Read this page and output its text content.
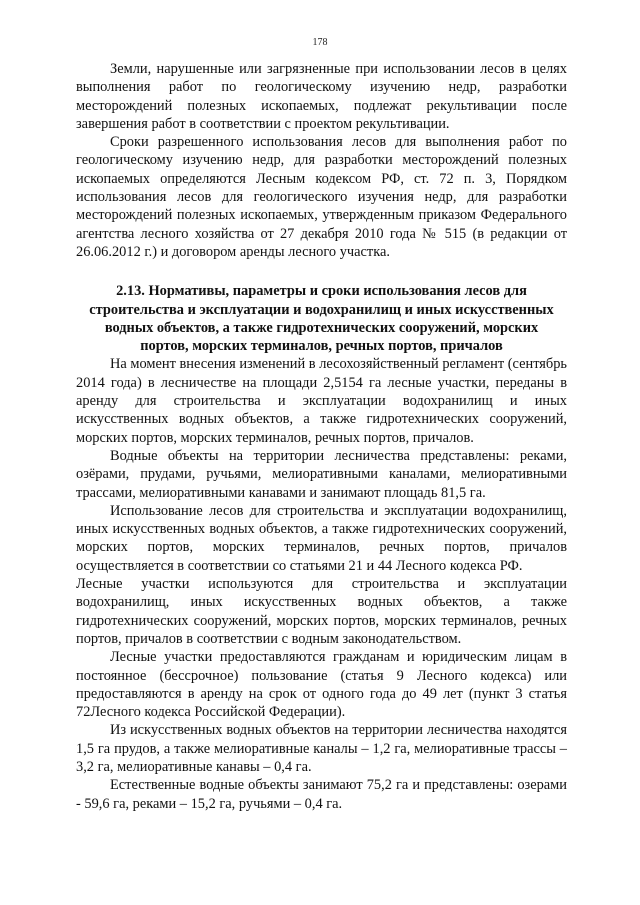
178

Земли, нарушенные или загрязненные при использовании лесов в целях выполнения работ по геологическому изучению недр, разработки месторождений полезных ископаемых, подлежат рекультивации после завершения работ в соответствии с проектом рекультивации.

Сроки разрешенного использования лесов для выполнения работ по геологическому изучению недр, для разработки месторождений полезных ископаемых определяются Лесным кодексом РФ, ст. 72 п. 3, Порядком использования лесов для геологического изучения недр, для разработки месторождений полезных ископаемых, утвержденным приказом Федерального агентства лесного хозяйства от 27 декабря 2010 года № 515 (в редакции от 26.06.2012 г.) и договором аренды лесного участка.

2.13. Нормативы, параметры и сроки использования лесов для строительства и эксплуатации и водохранилищ и иных искусственных водных объектов, а также гидротехнических сооружений, морских портов, морских терминалов, речных портов, причалов

На момент внесения изменений в лесохозяйственный регламент (сентябрь 2014 года) в лесничестве на площади 2,5154 га лесные участки, переданы в аренду для строительства и эксплуатации водохранилищ и иных искусственных водных объектов, а также гидротехнических сооружений, морских портов, морских терминалов, речных портов, причалов.

Водные объекты на территории лесничества представлены: реками, озёрами, прудами, ручьями, мелиоративными каналами, мелиоративными трассами, мелиоративными канавами и занимают площадь 81,5 га.

Использование лесов для строительства и эксплуатации водохранилищ, иных искусственных водных объектов, а также гидротехнических сооружений, морских портов, морских терминалов, речных портов, причалов осуществляется в соответствии со статьями 21 и 44 Лесного кодекса РФ.

Лесные участки используются для строительства и эксплуатации водохранилищ, иных искусственных водных объектов, а также гидротехнических сооружений, морских портов, морских терминалов, речных портов, причалов в соответствии с водным законодательством.

Лесные участки предоставляются гражданам и юридическим лицам в постоянное (бессрочное) пользование (статья 9 Лесного кодекса) или предоставляются в аренду на срок от одного года до 49 лет (пункт 3 статья 72Лесного кодекса Российской Федерации).

Из искусственных водных объектов на территории лесничества находятся 1,5 га прудов, а также мелиоративные каналы – 1,2 га, мелиоративные трассы – 3,2 га, мелиоративные канавы – 0,4 га.

Естественные водные объекты занимают 75,2 га и представлены: озерами - 59,6 га, реками – 15,2 га, ручьями – 0,4 га.
